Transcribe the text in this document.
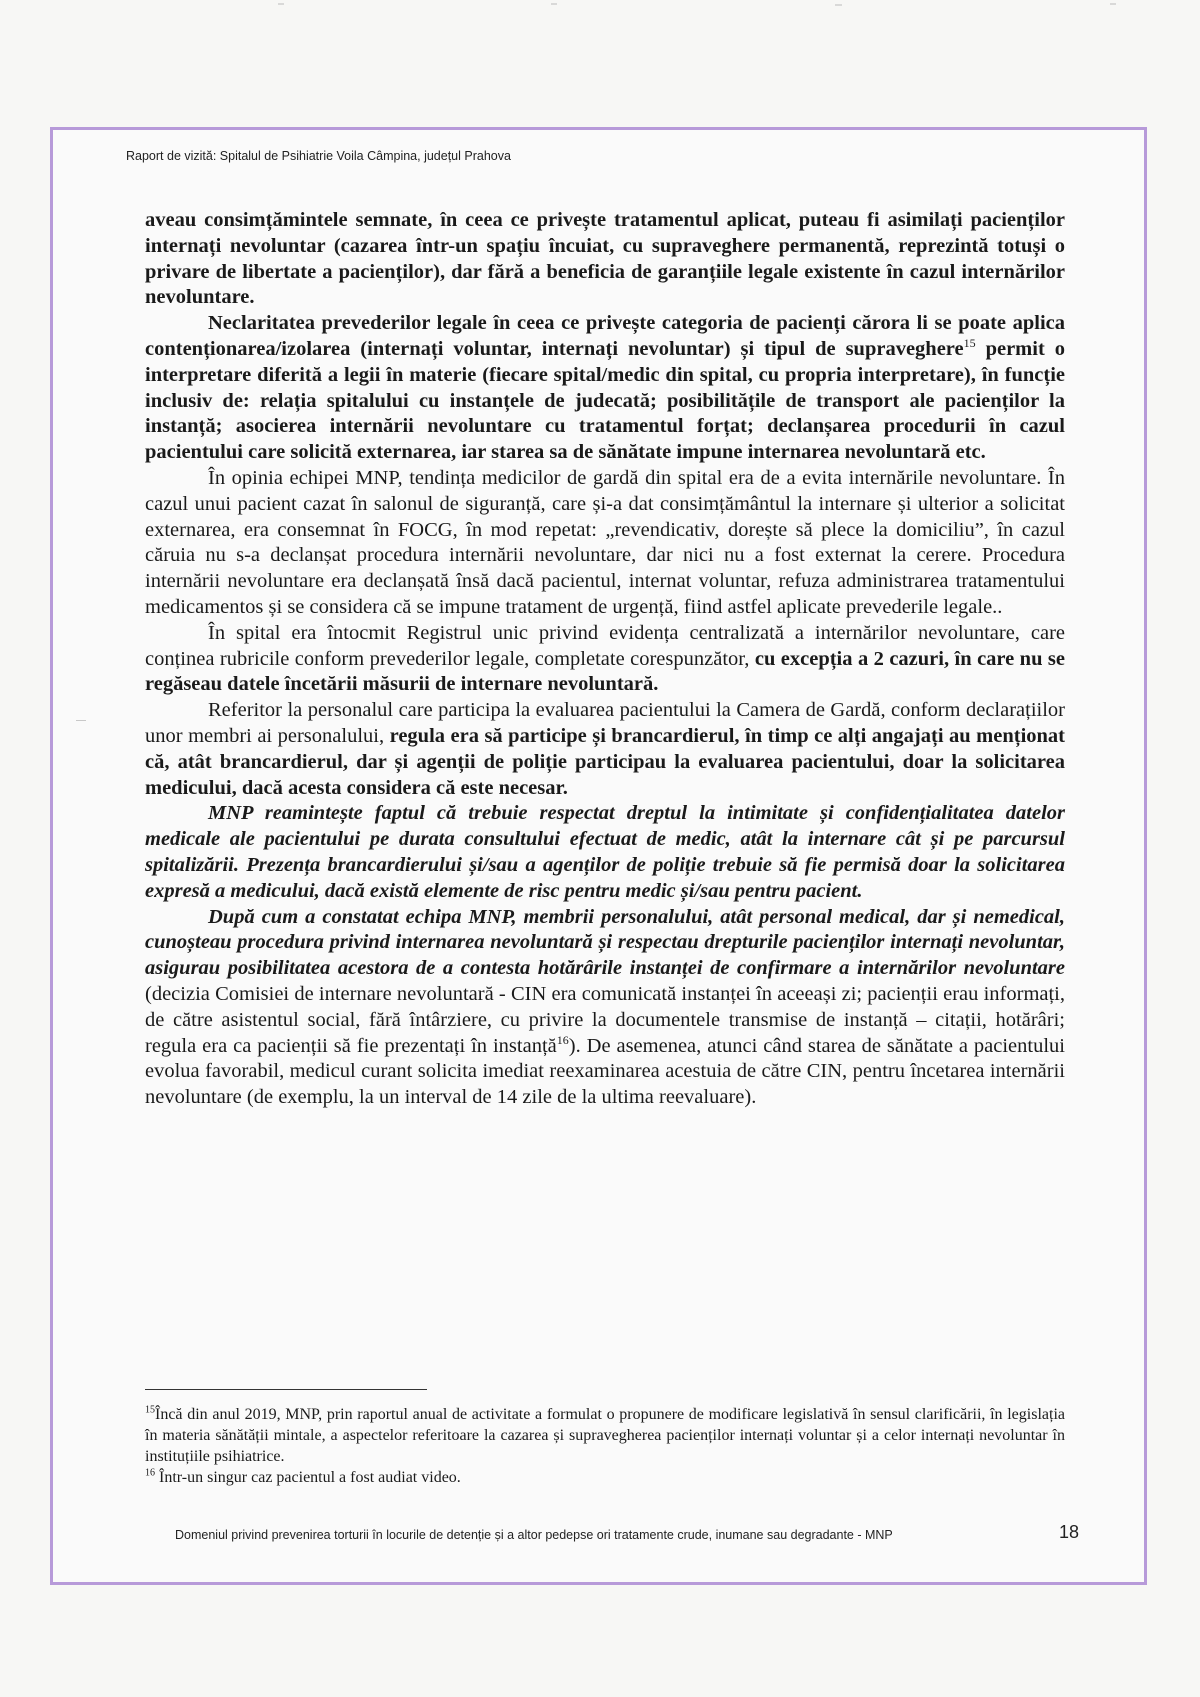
Raport de vizită: Spitalul de Psihiatrie Voila Câmpina, județul Prahova

aveau consimțămintele semnate, în ceea ce privește tratamentul aplicat, puteau fi asimilați pacienților internați nevoluntar (cazarea într-un spațiu încuiat, cu supraveghere permanentă, reprezintă totuși o privare de libertate a pacienților), dar fără a beneficia de garanțiile legale existente în cazul internărilor nevoluntare.

Neclaritatea prevederilor legale în ceea ce privește categoria de pacienți cărora li se poate aplica contenționarea/izolarea (internați voluntar, internați nevoluntar) și tipul de supraveghere$^{15}$ permit o interpretare diferită a legii în materie (fiecare spital/medic din spital, cu propria interpretare), în funcție inclusiv de: relația spitalului cu instanțele de judecată; posibilitățile de transport ale pacienților la instanță; asocierea internării nevoluntare cu tratamentul forțat; declanșarea procedurii în cazul pacientului care solicită externarea, iar starea sa de sănătate impune internarea nevoluntară etc.

În opinia echipei MNP, tendința medicilor de gardă din spital era de a evita internările nevoluntare. În cazul unui pacient cazat în salonul de siguranță, care și-a dat consimțământul la internare și ulterior a solicitat externarea, era consemnat în FOCG, în mod repetat: „revendicativ, dorește să plece la domiciliu”, în cazul căruia nu s-a declanșat procedura internării nevoluntare, dar nici nu a fost externat la cerere. Procedura internării nevoluntare era declanșată însă dacă pacientul, internat voluntar, refuza administrarea tratamentului medicamentos și se considera că se impune tratament de urgență, fiind astfel aplicate prevederile legale..

În spital era întocmit Registrul unic privind evidența centralizată a internărilor nevoluntare, care conținea rubricile conform prevederilor legale, completate corespunzător, cu excepția a 2 cazuri, în care nu se regăseau datele încetării măsurii de internare nevoluntară.

Referitor la personalul care participa la evaluarea pacientului la Camera de Gardă, conform declarațiilor unor membri ai personalului, regula era să participe și brancardierul, în timp ce alți angajați au menționat că, atât brancardierul, dar și agenții de poliție participau la evaluarea pacientului, doar la solicitarea medicului, dacă acesta considera că este necesar.

MNP reamintește faptul că trebuie respectat dreptul la intimitate și confidențialitatea datelor medicale ale pacientului pe durata consultului efectuat de medic, atât la internare cât și pe parcursul spitalizării. Prezența brancardierului și/sau a agenților de poliție trebuie să fie permisă doar la solicitarea expresă a medicului, dacă există elemente de risc pentru medic și/sau pentru pacient.

După cum a constatat echipa MNP, membrii personalului, atât personal medical, dar și nemedical, cunoșteau procedura privind internarea nevoluntară și respectau drepturile pacienților internați nevoluntar, asigurau posibilitatea acestora de a contesta hotărârile instanței de confirmare a internărilor nevoluntare (decizia Comisiei de internare nevoluntară - CIN era comunicată instanței în aceeași zi; pacienții erau informați, de către asistentul social, fără întârziere, cu privire la documentele transmise de instanță – citații, hotărâri; regula era ca pacienții să fie prezentați în instanță$^{16}$). De asemenea, atunci când starea de sănătate a pacientului evolua favorabil, medicul curant solicita imediat reexaminarea acestuia de către CIN, pentru încetarea internării nevoluntare (de exemplu, la un interval de 14 zile de la ultima reevaluare).

$^{15}$Încă din anul 2019, MNP, prin raportul anual de activitate a formulat o propunere de modificare legislativă în sensul clarificării, în legislația în materia sănătății mintale, a aspectelor referitoare la cazarea și supravegherea pacienților internați voluntar și a celor internați nevoluntar în instituțiile psihiatrice.

$^{16}$ Într-un singur caz pacientul a fost audiat video.

Domeniul privind prevenirea torturii în locurile de detenție și a altor pedepse ori tratamente crude, inumane sau degradante - MNP	18
